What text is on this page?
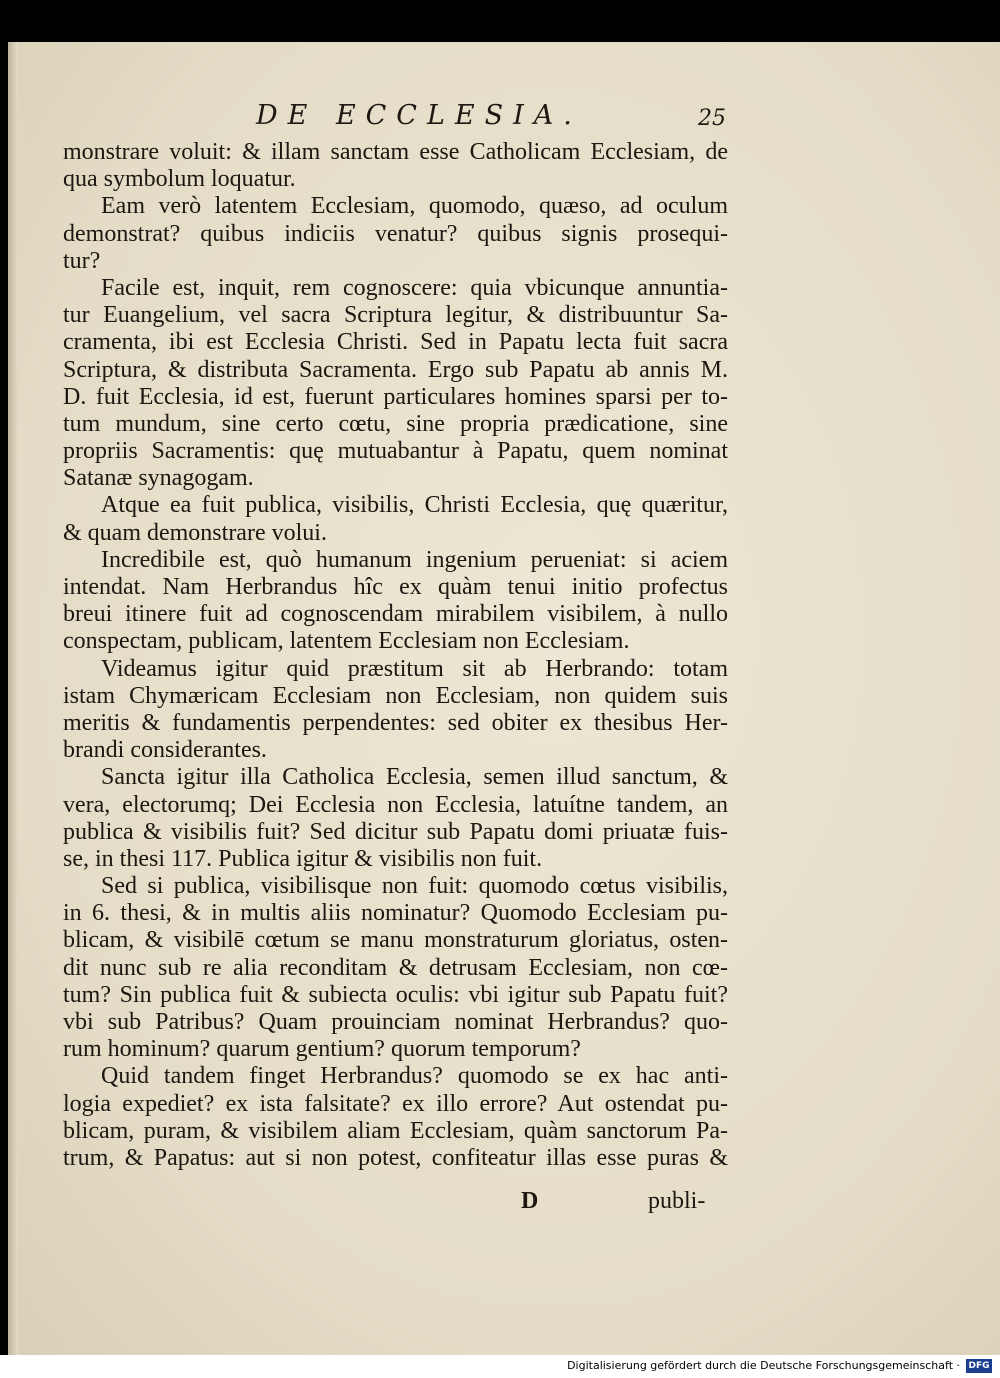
DE ECCLESIA.	25
monstrare voluit: & illam sanctam esse Catholicam Ecclesiam, de
qua symbolum loquatur.
Eam verò latentem Ecclesiam, quomodo, quæso, ad oculum
demonstrat? quibus indiciis venatur? quibus signis prosequi-
tur?
Facile est, inquit, rem cognoscere: quia vbicunque annuntia-
tur Euangelium, vel sacra Scriptura legitur, & distribuuntur Sa-
cramenta, ibi est Ecclesia Christi. Sed in Papatu lecta fuit sacra
Scriptura, & distributa Sacramenta. Ergo sub Papatu ab annis M.
D. fuit Ecclesia, id est, fuerunt particulares homines sparsi per to-
tum mundum, sine certo cœtu, sine propria prædicatione, sine
propriis Sacramentis: quę mutuabantur à Papatu, quem nominat
Satanæ synagogam.
Atque ea fuit publica, visibilis, Christi Ecclesia, quę quæritur,
& quam demonstrare volui.
Incredibile est, quò humanum ingenium perueniat: si aciem
intendat. Nam Herbrandus hîc ex quàm tenui initio profectus
breui itinere fuit ad cognoscendam mirabilem visibilem, à nullo
conspectam, publicam, latentem Ecclesiam non Ecclesiam.
Videamus igitur quid præstitum sit ab Herbrando: totam
istam Chymæricam Ecclesiam non Ecclesiam, non quidem suis
meritis & fundamentis perpendentes: sed obiter ex thesibus Her-
brandi considerantes.
Sancta igitur illa Catholica Ecclesia, semen illud sanctum, &
vera, electorumq; Dei Ecclesia non Ecclesia, latuítne tandem, an
publica & visibilis fuit? Sed dicitur sub Papatu domi priuatæ fuis-
se, in thesi 117. Publica igitur & visibilis non fuit.
Sed si publica, visibilisque non fuit: quomodo cœtus visibilis,
in 6. thesi, & in multis aliis nominatur? Quomodo Ecclesiam pu-
blicam, & visibilē cœtum se manu monstraturum gloriatus, osten-
dit nunc sub re alia reconditam & detrusam Ecclesiam, non cœ-
tum? Sin publica fuit & subiecta oculis: vbi igitur sub Papatu fuit?
vbi sub Patribus? Quam prouinciam nominat Herbrandus? quo-
rum hominum? quarum gentium? quorum temporum?
Quid tandem finget Herbrandus? quomodo se ex hac anti-
logia expediet? ex ista falsitate? ex illo errore? Aut ostendat pu-
blicam, puram, & visibilem aliam Ecclesiam, quàm sanctorum Pa-
trum, & Papatus: aut si non potest, confiteatur illas esse puras &
D	publi-
Digitalisierung gefördert durch die Deutsche Forschungsgemeinschaft · DFG
